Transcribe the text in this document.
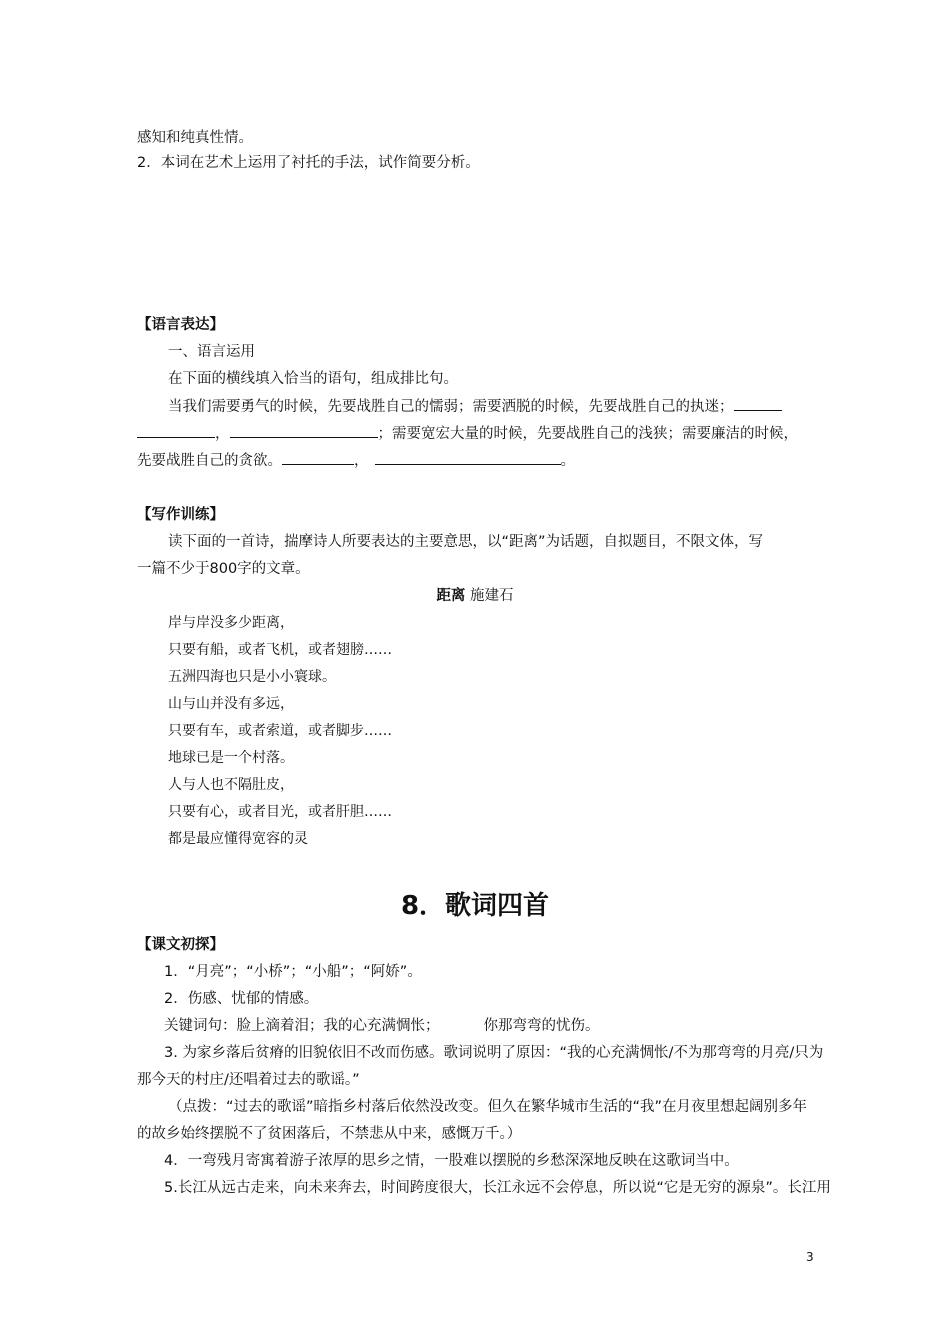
感知和纯真性情。
2．本词在艺术上运用了衬托的手法，试作简要分析。
【语言表达】
一、语言运用
在下面的横线填入恰当的语句，组成排比句。
当我们需要勇气的时候，先要战胜自己的懦弱；需要洒脱的时候，先要战胜自己的执迷；
，	；需要宽宏大量的时候，先要战胜自己的浅狭；需要廉洁的时候，
先要战胜自己的贪欲。	，	。
【写作训练】
读下面的一首诗，揣摩诗人所要表达的主要意思，以“距离”为话题，自拟题目，不限文体，写
一篇不少于800字的文章。
距离 施建石
岸与岸没多少距离，
只要有船，或者飞机，或者翅膀……
五洲四海也只是小小寰球。
山与山并没有多远，
只要有车，或者索道，或者脚步……
地球已是一个村落。
人与人也不隔肚皮，
只要有心，或者目光，或者肝胆……
都是最应懂得宽容的灵
8．歌词四首
【课文初探】
1．“月亮”；“小桥”；“小船”；“阿娇”。
2．伤感、忧郁的情感。
关键词句：脸上滴着泪；我的心充满惆怅；	你那弯弯的忧伤。
3. 为家乡落后贫瘠的旧貌依旧不改而伤感。歌词说明了原因：“我的心充满惆怅/不为那弯弯的月亮/只为
那今天的村庄/还唱着过去的歌谣。”
（点拨：“过去的歌谣”暗指乡村落后依然没改变。但久在繁华城市生活的“我”在月夜里想起阔别多年
的故乡始终摆脱不了贫困落后，不禁悲从中来，感慨万千。）
4．一弯残月寄寓着游子浓厚的思乡之情，一股难以摆脱的乡愁深深地反映在这歌词当中。
5.长江从远古走来，向未来奔去，时间跨度很大，长江永远不会停息，所以说“它是无穷的源泉”。长江用
3
